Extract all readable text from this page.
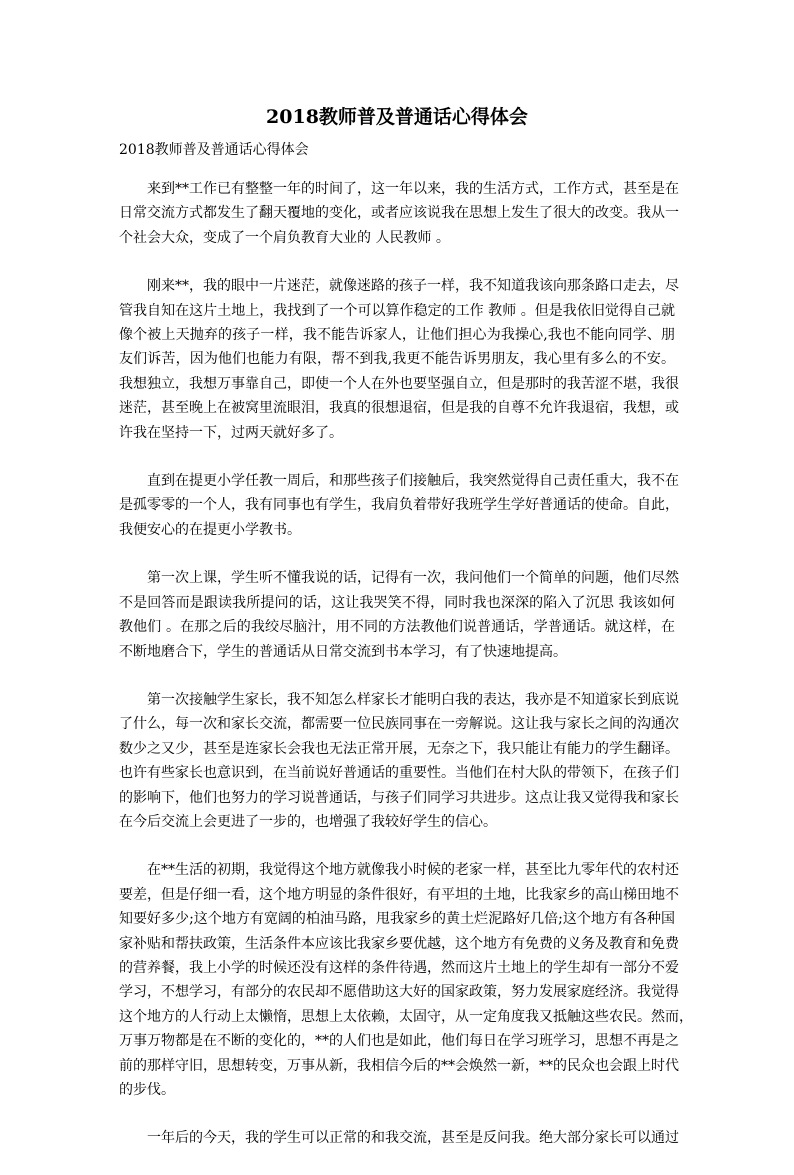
2018教师普及普通话心得体会

2018教师普及普通话心得体会

来到**工作已有整整一年的时间了，这一年以来，我的生活方式，工作方式，甚至是在
日常交流方式都发生了翻天覆地的变化，或者应该说我在思想上发生了很大的改变。我从一
个社会大众，变成了一个肩负教育大业的 人民教师 。

刚来**，我的眼中一片迷茫，就像迷路的孩子一样，我不知道我该向那条路口走去，尽
管我自知在这片土地上，我找到了一个可以算作稳定的工作 教师 。但是我依旧觉得自己就
像个被上天抛弃的孩子一样，我不能告诉家人，让他们担心为我操心,我也不能向同学、朋
友们诉苦，因为他们也能力有限，帮不到我,我更不能告诉男朋友，我心里有多么的不安。
我想独立，我想万事靠自己，即使一个人在外也要坚强自立，但是那时的我苦涩不堪，我很
迷茫，甚至晚上在被窝里流眼泪，我真的很想退宿，但是我的自尊不允许我退宿，我想，或
许我在坚持一下，过两天就好多了。

直到在提更小学任教一周后，和那些孩子们接触后，我突然觉得自己责任重大，我不在
是孤零零的一个人，我有同事也有学生，我肩负着带好我班学生学好普通话的使命。自此，
我便安心的在提更小学教书。

第一次上课，学生听不懂我说的话，记得有一次，我问他们一个简单的问题，他们尽然
不是回答而是跟读我所提问的话，这让我哭笑不得，同时我也深深的陷入了沉思 我该如何
教他们 。在那之后的我绞尽脑汁，用不同的方法教他们说普通话，学普通话。就这样，在
不断地磨合下，学生的普通话从日常交流到书本学习，有了快速地提高。

第一次接触学生家长，我不知怎么样家长才能明白我的表达，我亦是不知道家长到底说
了什么，每一次和家长交流，都需要一位民族同事在一旁解说。这让我与家长之间的沟通次
数少之又少，甚至是连家长会我也无法正常开展，无奈之下，我只能让有能力的学生翻译。
也许有些家长也意识到，在当前说好普通话的重要性。当他们在村大队的带领下，在孩子们
的影响下，他们也努力的学习说普通话，与孩子们同学习共进步。这点让我又觉得我和家长
在今后交流上会更进了一步的，也增强了我较好学生的信心。

在**生活的初期，我觉得这个地方就像我小时候的老家一样，甚至比九零年代的农村还
要差，但是仔细一看，这个地方明显的条件很好，有平坦的土地，比我家乡的高山梯田地不
知要好多少;这个地方有宽阔的柏油马路，甩我家乡的黄土烂泥路好几倍;这个地方有各种国
家补贴和帮扶政策，生活条件本应该比我家乡要优越，这个地方有免费的义务及教育和免费
的营养餐，我上小学的时候还没有这样的条件待遇，然而这片土地上的学生却有一部分不爱
学习，不想学习，有部分的农民却不愿借助这大好的国家政策，努力发展家庭经济。我觉得
这个地方的人行动上太懒惰，思想上太依赖，太固守，从一定角度我又抵触这些农民。然而，
万事万物都是在不断的变化的，**的人们也是如此，他们每日在学习班学习，思想不再是之
前的那样守旧，思想转变，万事从新，我相信今后的**会焕然一新，**的民众也会跟上时代
的步伐。

一年后的今天，我的学生可以正常的和我交流，甚至是反问我。绝大部分家长可以通过
